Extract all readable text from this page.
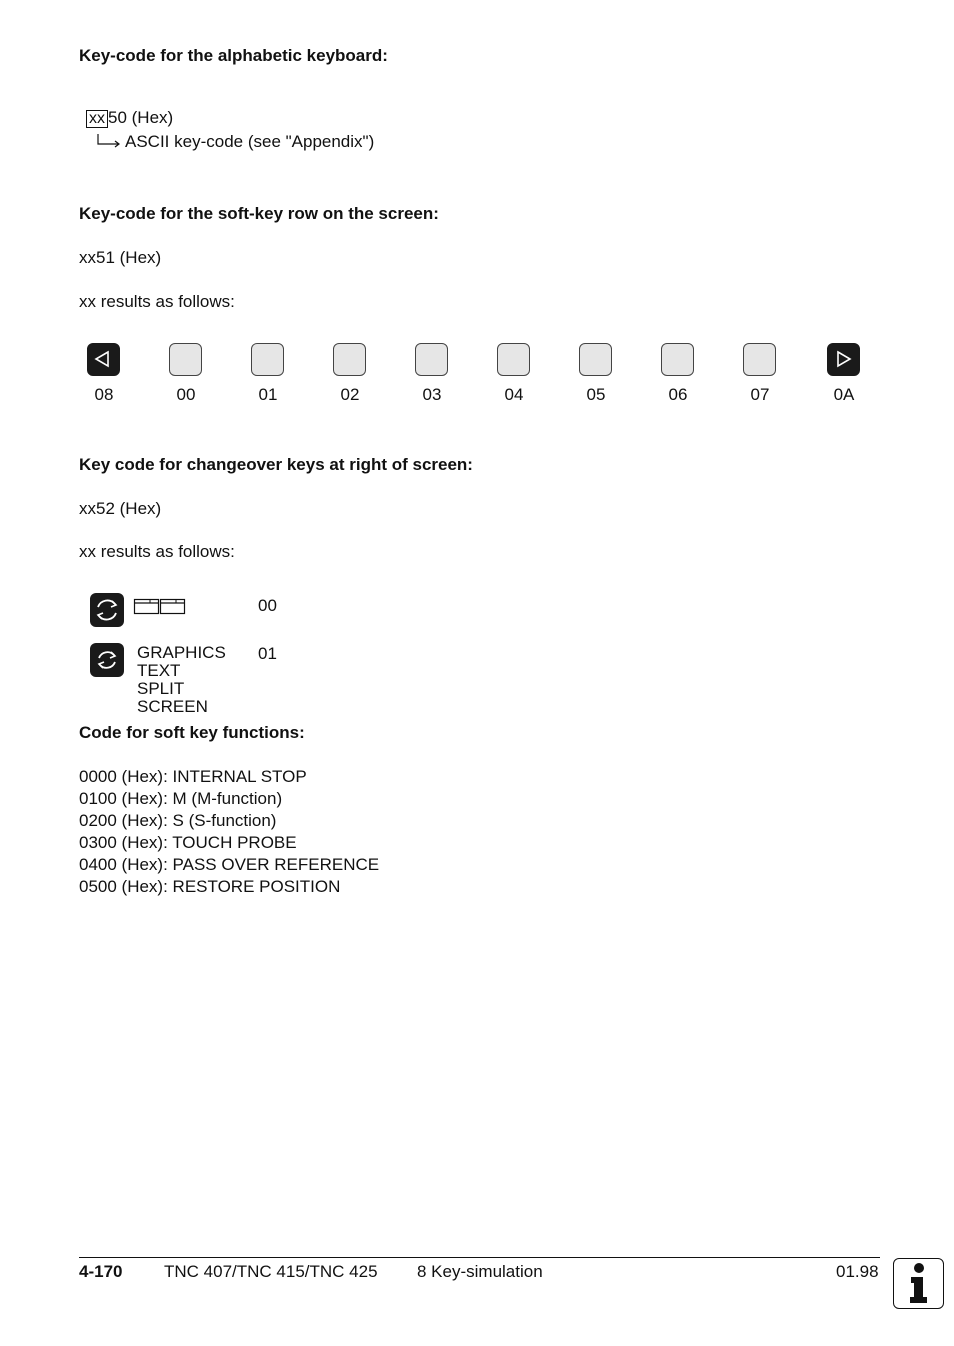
Key-code for the alphabetic keyboard:
xx 50 (Hex)
ASCII key-code (see "Appendix")
Key-code for the soft-key row on the screen:
xx51 (Hex)
xx results as follows:
08	00	01	02	03	04	05	06	07	0A
Key code for changeover keys at right of screen:
xx52 (Hex)
xx results as follows:
00
GRAPHICS
TEXT
SPLIT
SCREEN
01
Code for soft key functions:
0000 (Hex): INTERNAL STOP
0100 (Hex): M (M-function)
0200 (Hex): S (S-function)
0300 (Hex): TOUCH PROBE
0400 (Hex): PASS OVER REFERENCE
0500 (Hex): RESTORE POSITION
4-170 TNC 407/TNC 415/TNC 425 8 Key-simulation	01.98
